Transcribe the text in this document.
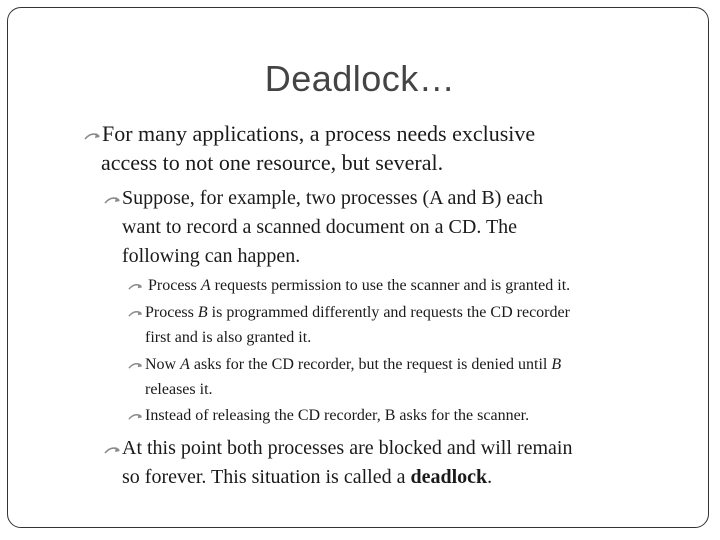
Deadlock…
For many applications, a process needs exclusive
access to not one resource, but several.
Suppose, for example, two processes (A and B) each
want to record a scanned document on a CD. The
following can happen.
Process A requests permission to use the scanner and is granted it.
Process B is programmed differently and requests the CD recorder
first and is also granted it.
Now A asks for the CD recorder, but the request is denied until B
releases it.
Instead of releasing the CD recorder, B asks for the scanner.
At this point both processes are blocked and will remain
so forever. This situation is called a deadlock.
